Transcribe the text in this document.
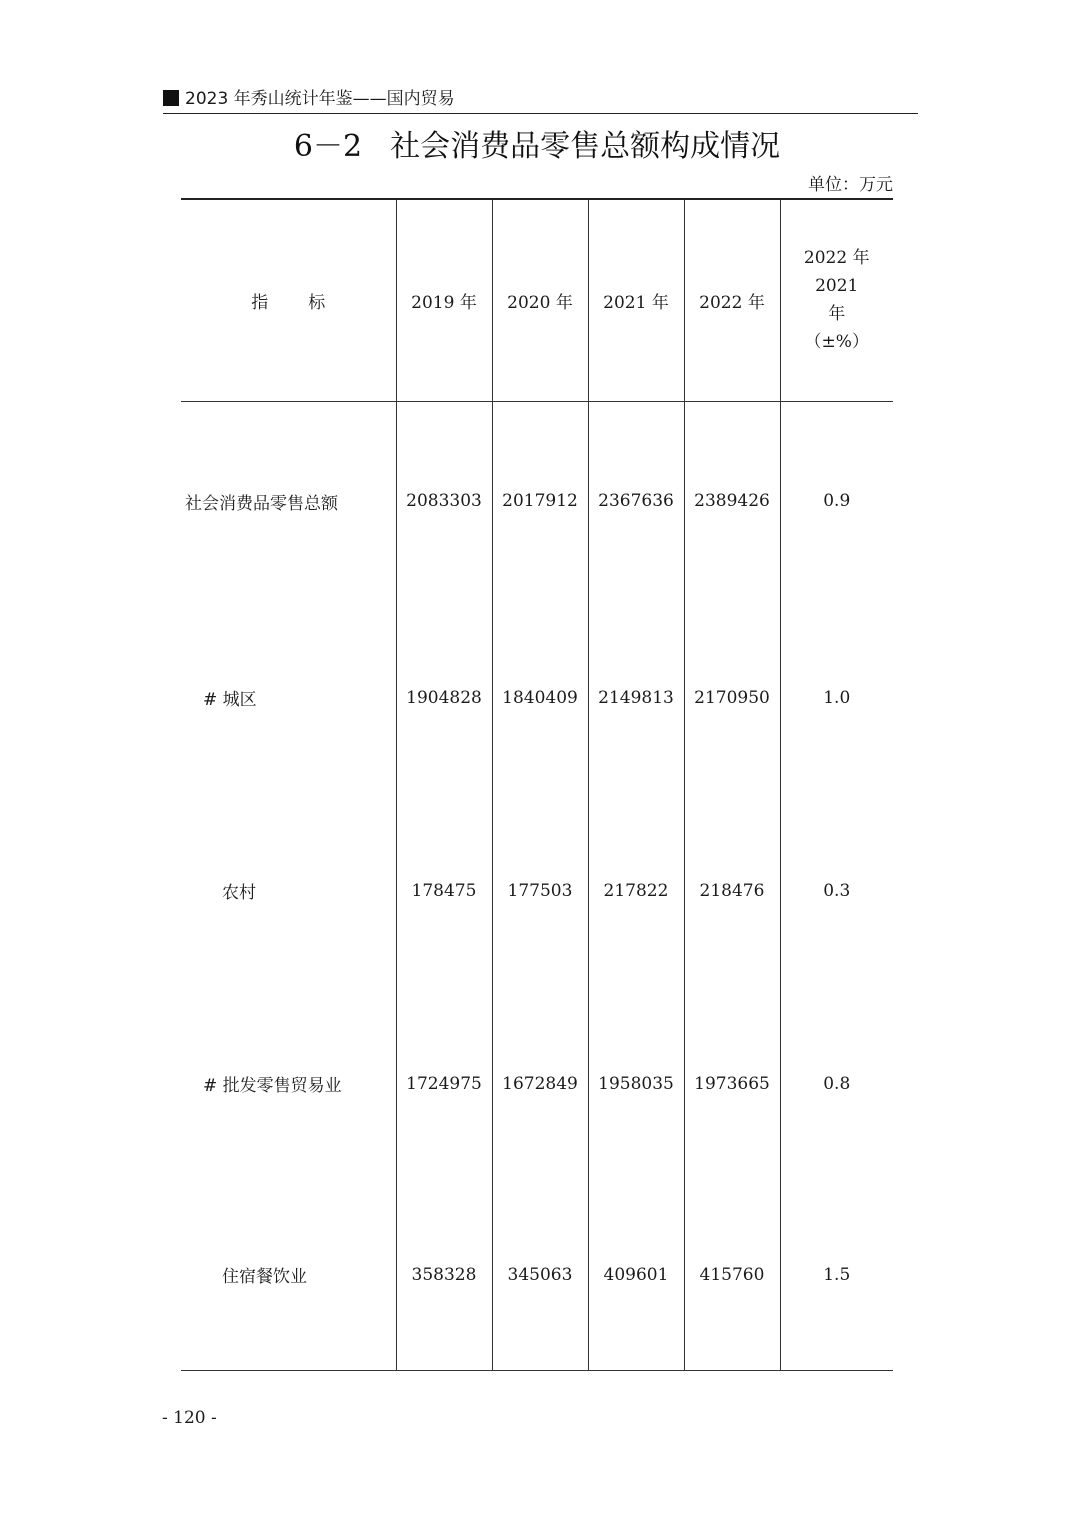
2023 年秀山统计年鉴——国内贸易
6－2 社会消费品零售总额构成情况
单位：万元
指 标	2019 年	2020 年	2021 年	2022 年	2022 年 2021
年
（±%）
社会消费品零售总额	2083303	2017912	2367636	2389426	0.9
# 城区	1904828	1840409	2149813	2170950	1.0
农村	178475	177503	217822	218476	0.3
# 批发零售贸易业	1724975	1672849	1958035	1973665	0.8
住宿餐饮业	358328	345063	409601	415760	1.5
- 120 -
